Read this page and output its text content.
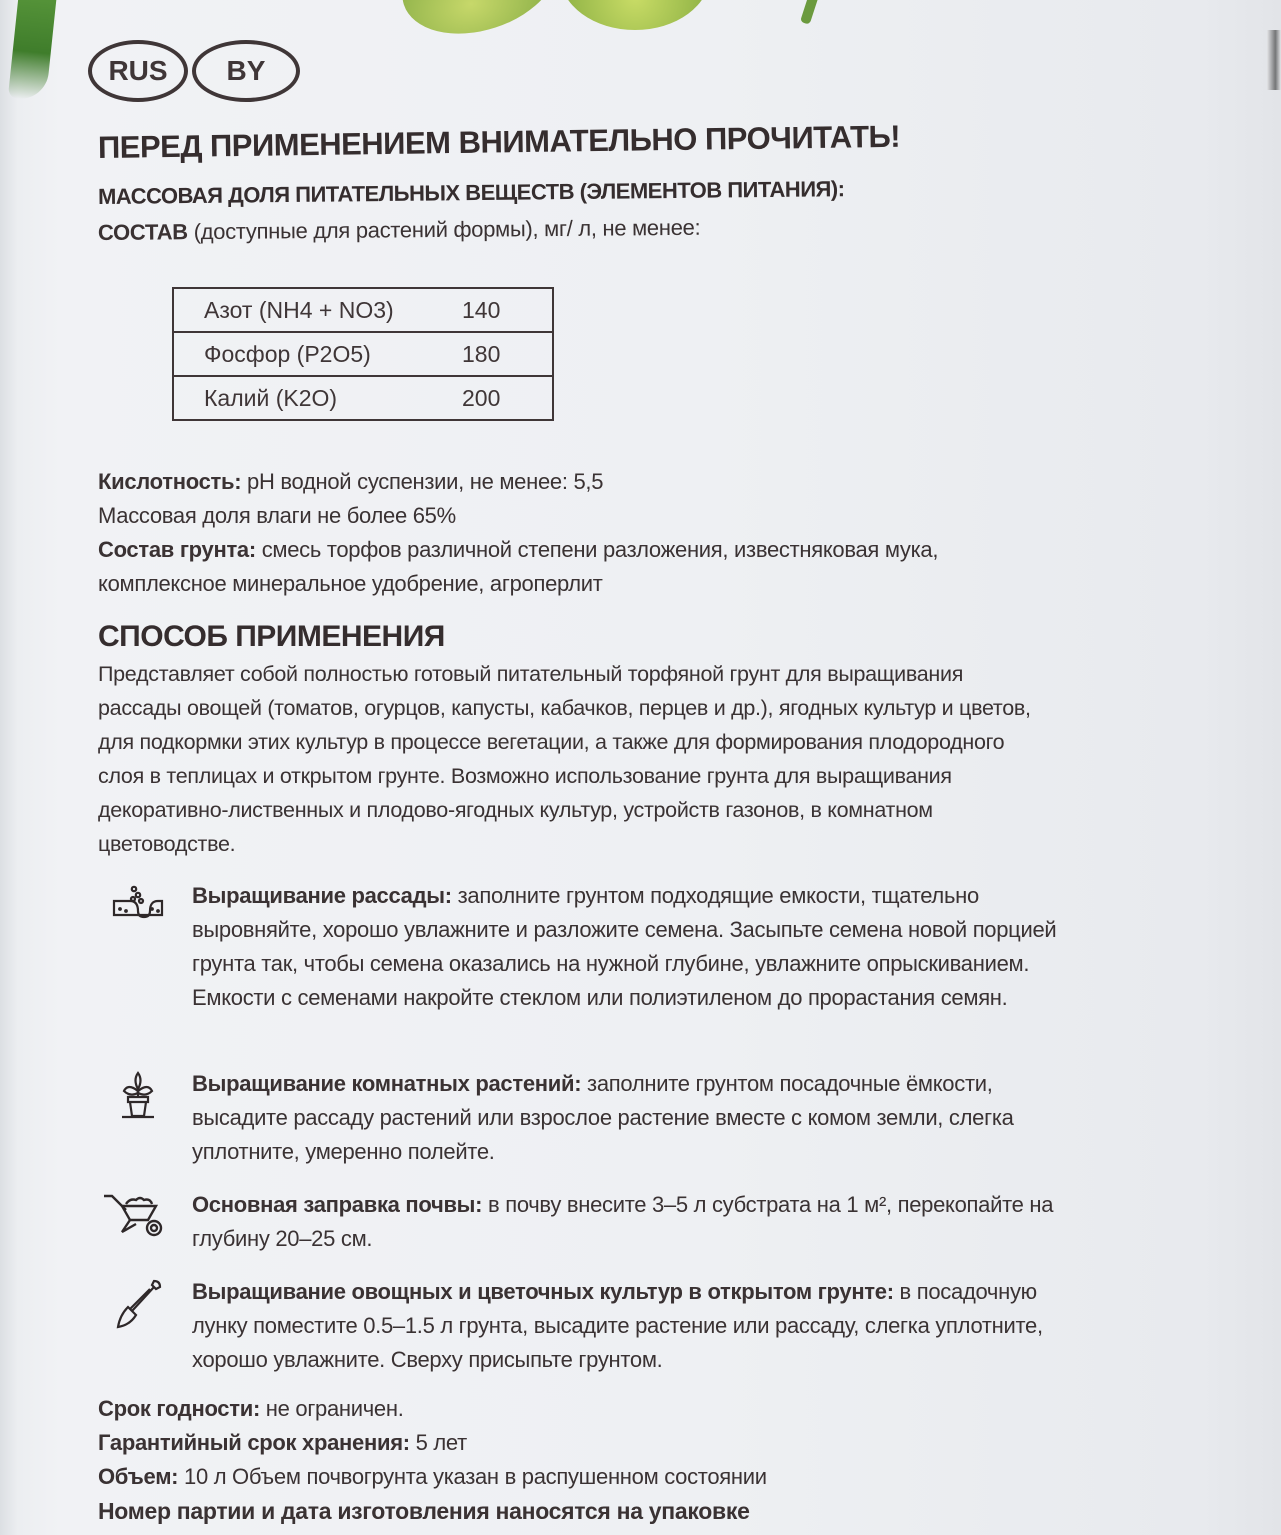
RUS	BY
ПЕРЕД ПРИМЕНЕНИЕМ ВНИМАТЕЛЬНО ПРОЧИТАТЬ!
МАССОВАЯ ДОЛЯ ПИТАТЕЛЬНЫХ ВЕЩЕСТВ (ЭЛЕМЕНТОВ ПИТАНИЯ):
СОСТАВ (доступные для растений формы), мг/ л, не менее:
Азот (NH4 + NO3)	140
Фосфор (P2O5)	180
Калий (K2O)	200
Кислотность: pH водной суспензии, не менее: 5,5
Массовая доля влаги не более 65%
Состав грунта: смесь торфов различной степени разложения, известняковая мука,
комплексное минеральное удобрение, агроперлит
СПОСОБ ПРИМЕНЕНИЯ
Представляет собой полностью готовый питательный торфяной грунт для выращивания рассады овощей (томатов, огурцов, капусты, кабачков, перцев и др.), ягодных культур и цветов, для подкормки этих культур в процессе вегетации, а также для формирования плодородного слоя в теплицах и открытом грунте. Возможно использование грунта для выращивания декоративно-лиственных и плодово-ягодных культур, устройств газонов, в комнатном цветоводстве.
Выращивание рассады: заполните грунтом подходящие емкости, тщательно выровняйте, хорошо увлажните и разложите семена. Засыпьте семена новой порцией грунта так, чтобы семена оказались на нужной глубине, увлажните опрыскиванием. Емкости с семенами накройте стеклом или полиэтиленом до прорастания семян.
Выращивание комнатных растений: заполните грунтом посадочные ёмкости, высадите рассаду растений или взрослое растение вместе с комом земли, слегка уплотните, умеренно полейте.
Основная заправка почвы: в почву внесите 3–5 л субстрата на 1 м², перекопайте на глубину 20–25 см.
Выращивание овощных и цветочных культур в открытом грунте: в посадочную лунку поместите 0.5–1.5 л грунта, высадите растение или рассаду, слегка уплотните, хорошо увлажните. Сверху присыпьте грунтом.
Срок годности: не ограничен.
Гарантийный срок хранения: 5 лет
Объем: 10 л Объем почвогрунта указан в распушенном состоянии
Номер партии и дата изготовления наносятся на упаковке
